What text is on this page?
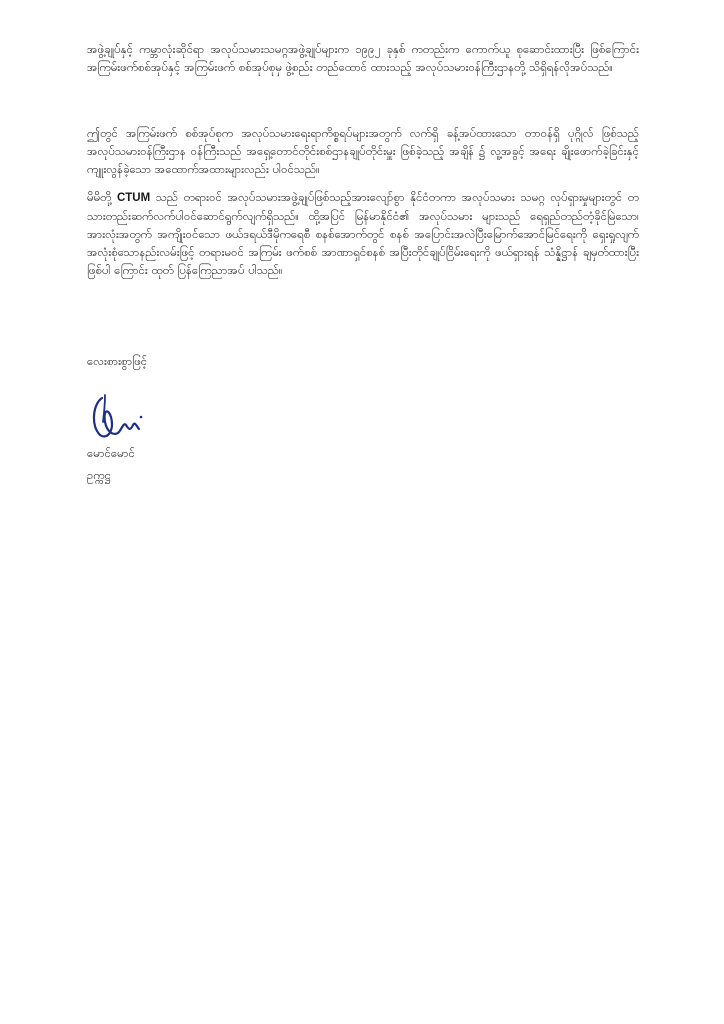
အဖွဲ့ချုပ်နှင့် ကမ္ဘာလုံးဆိုင်ရာ အလုပ်သမားသမဂ္ဂအဖွဲ့ချုပ်များက ၁၉၉၂ ခုနှစ် ကတည်းက ကောက်ယူ စုဆောင်းထားပြီး ဖြစ်ကြောင်း အကြမ်းဖက်စစ်အုပ်နှင့် အကြမ်းဖက် စစ်အုပ်စုမှ ဖွဲ့စည်း တည်ထောင် ထားသည့် အလုပ်သမားဝန်ကြီးဌာနတို့ သိရှိရန်လိုအပ်သည်။

ဤတွင် အကြမ်းဖက် စစ်အုပ်စုက အလုပ်သမားရေးရာကိစ္စရပ်များအတွက် လက်ရှိ ခန့်အပ်ထားသော တာဝန်ရှိ ပုဂ္ဂိုလ် ဖြစ်သည့် အလုပ်သမားဝန်ကြီးဌာန ဝန်ကြီးသည် အရှေ့တောင်တိုင်းစစ်ဌာနချုပ်တိုင်းမှူး ဖြစ်ခဲ့သည့် အချိန် ၌ လူ့အခွင့် အရေး ချိုးဖောက်ခဲ့ခြင်းနှင့် ကျူးလွန်ခဲ့သော အထောက်အထားများလည်း ပါဝင်သည်။

မိမိတို့ CTUM သည် တရားဝင် အလုပ်သမားအဖွဲ့ချုပ်ဖြစ်သည့်အားလျော်စွာ နိုင်ငံတကာ အလုပ်သမား သမဂ္ဂ လုပ်ရှားမှုများတွင် တသားတည်းဆက်လက်ပါဝင်ဆောင်ရွက်လျက်ရှိသည်။ ထို့အပြင် မြန်မာနိုင်ငံ၏ အလုပ်သမား များသည် ရေရှည်တည်တံ့ခိုင်မြဲသော၊ အားလုံးအတွက် အကျိုးဝင်သော ဖယ်ဒရယ်ဒီမိုကရေစီ စနစ်အောက်တွင် စနစ် အပြောင်းအလဲပြီးမြောက်အောင်မြင်ရေးကို ရှေးရှုလျက် အလုံးစုံသောနည်းလမ်းဖြင့် တရားမဝင် အကြမ်း ဖက်စစ် အာဏာရှင်စနစ် အပြီးတိုင်ချုပ်ငြိမ်းရေးကို ဖယ်ရှားရန် သံန္နိဋ္ဌာန် ချမှတ်ထားပြီး ဖြစ်ပါ ကြောင်း ထုတ် ပြန်ကြေညာအပ် ပါသည်။

လေးစားစွာဖြင့်

မောင်မောင်

ဥက္ကဋ္ဌ
